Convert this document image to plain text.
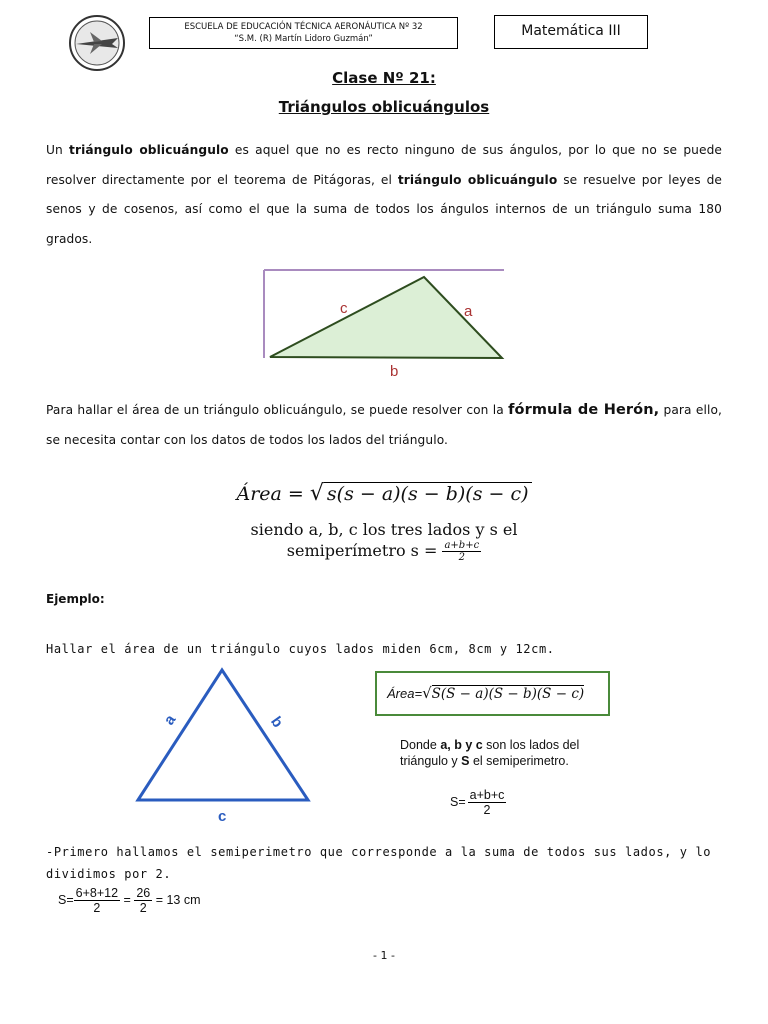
ESCUELA DE EDUCACIÓN TÉCNICA AERONÁUTICA Nº 32
“S.M. (R) Martín Lidoro Guzmán”	Matemática III
Clase Nº 21:
Triángulos oblicuángulos
Un triángulo oblicuángulo es aquel que no es recto ninguno de sus ángulos, por lo que no se puede resolver directamente por el teorema de Pitágoras, el triángulo oblicuángulo se resuelve por leyes de senos y de cosenos, así como el que la suma de todos los ángulos internos de un triángulo suma 180 grados.
c	a
b
Para hallar el área de un triángulo oblicuángulo, se puede resolver con la fórmula de Herón, para ello, se necesita contar con los datos de todos los lados del triángulo.
Área = √ s(s − a)(s − b)(s − c)
siendo a, b, c los tres lados y s el
semiperímetro $s = \frac{a+b+c}{2}$
Ejemplo:
Hallar el área de un triángulo cuyos lados miden 6cm, 8cm y 12cm.
a	b
c
Área=√S(S − a)(S − b)(S − c)
Donde a, b y c son los lados del triángulo y S el semiperimetro.
$S= \frac{a+b+c}{2}$
-Primero hallamos el semiperimetro que corresponde a la suma de todos sus lados, y lo dividimos por 2.
$S= \frac{6+8+12}{2} = \frac{26}{2} = 13$ cm
- 1 -
